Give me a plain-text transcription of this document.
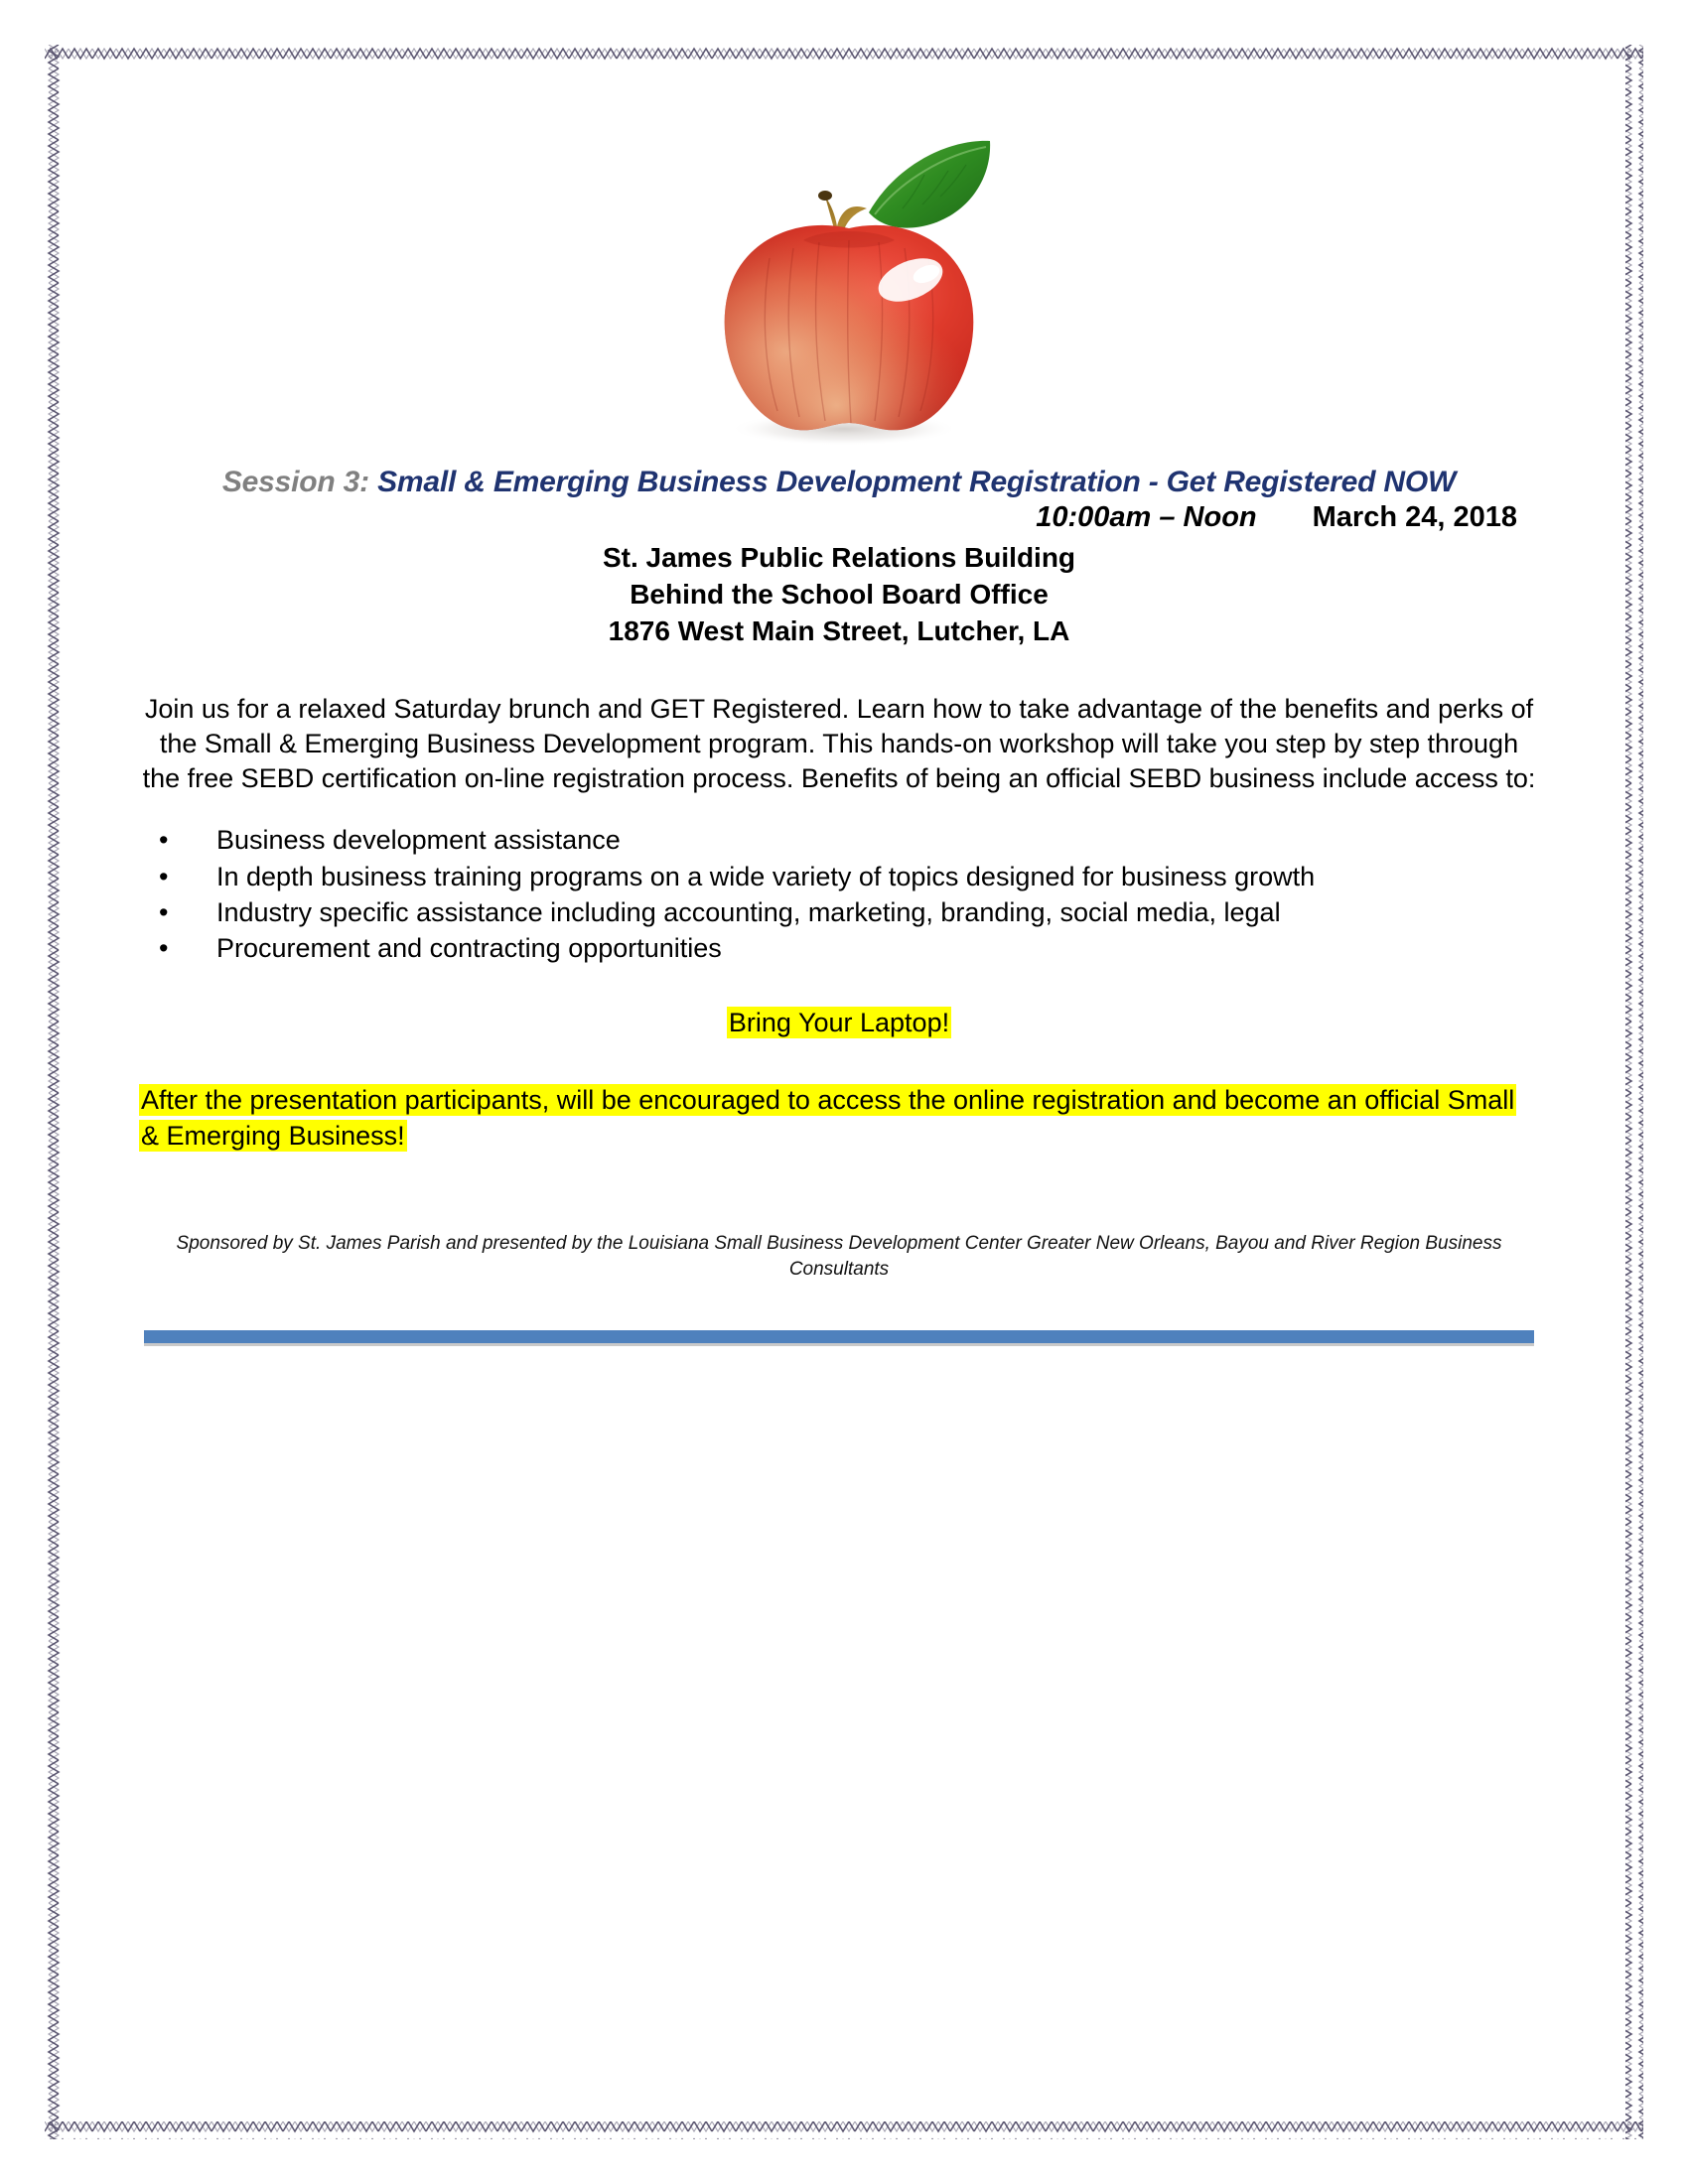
Session 3: Small & Emerging Business Development Registration - Get Registered NOW
10:00am – Noon March 24, 2018
St. James Public Relations Building
Behind the School Board Office
1876 West Main Street, Lutcher, LA

Join us for a relaxed Saturday brunch and GET Registered. Learn how to take advantage of the benefits and perks of the Small & Emerging Business Development program. This hands-on workshop will take you step by step through the free SEBD certification on-line registration process. Benefits of being an official SEBD business include access to:

• Business development assistance
• In depth business training programs on a wide variety of topics designed for business growth
• Industry specific assistance including accounting, marketing, branding, social media, legal
• Procurement and contracting opportunities
Bring Your Laptop!
After the presentation participants, will be encouraged to access the online registration and become an official Small & Emerging Business!
Sponsored by St. James Parish and presented by the Louisiana Small Business Development Center Greater New Orleans, Bayou and River Region Business Consultants
